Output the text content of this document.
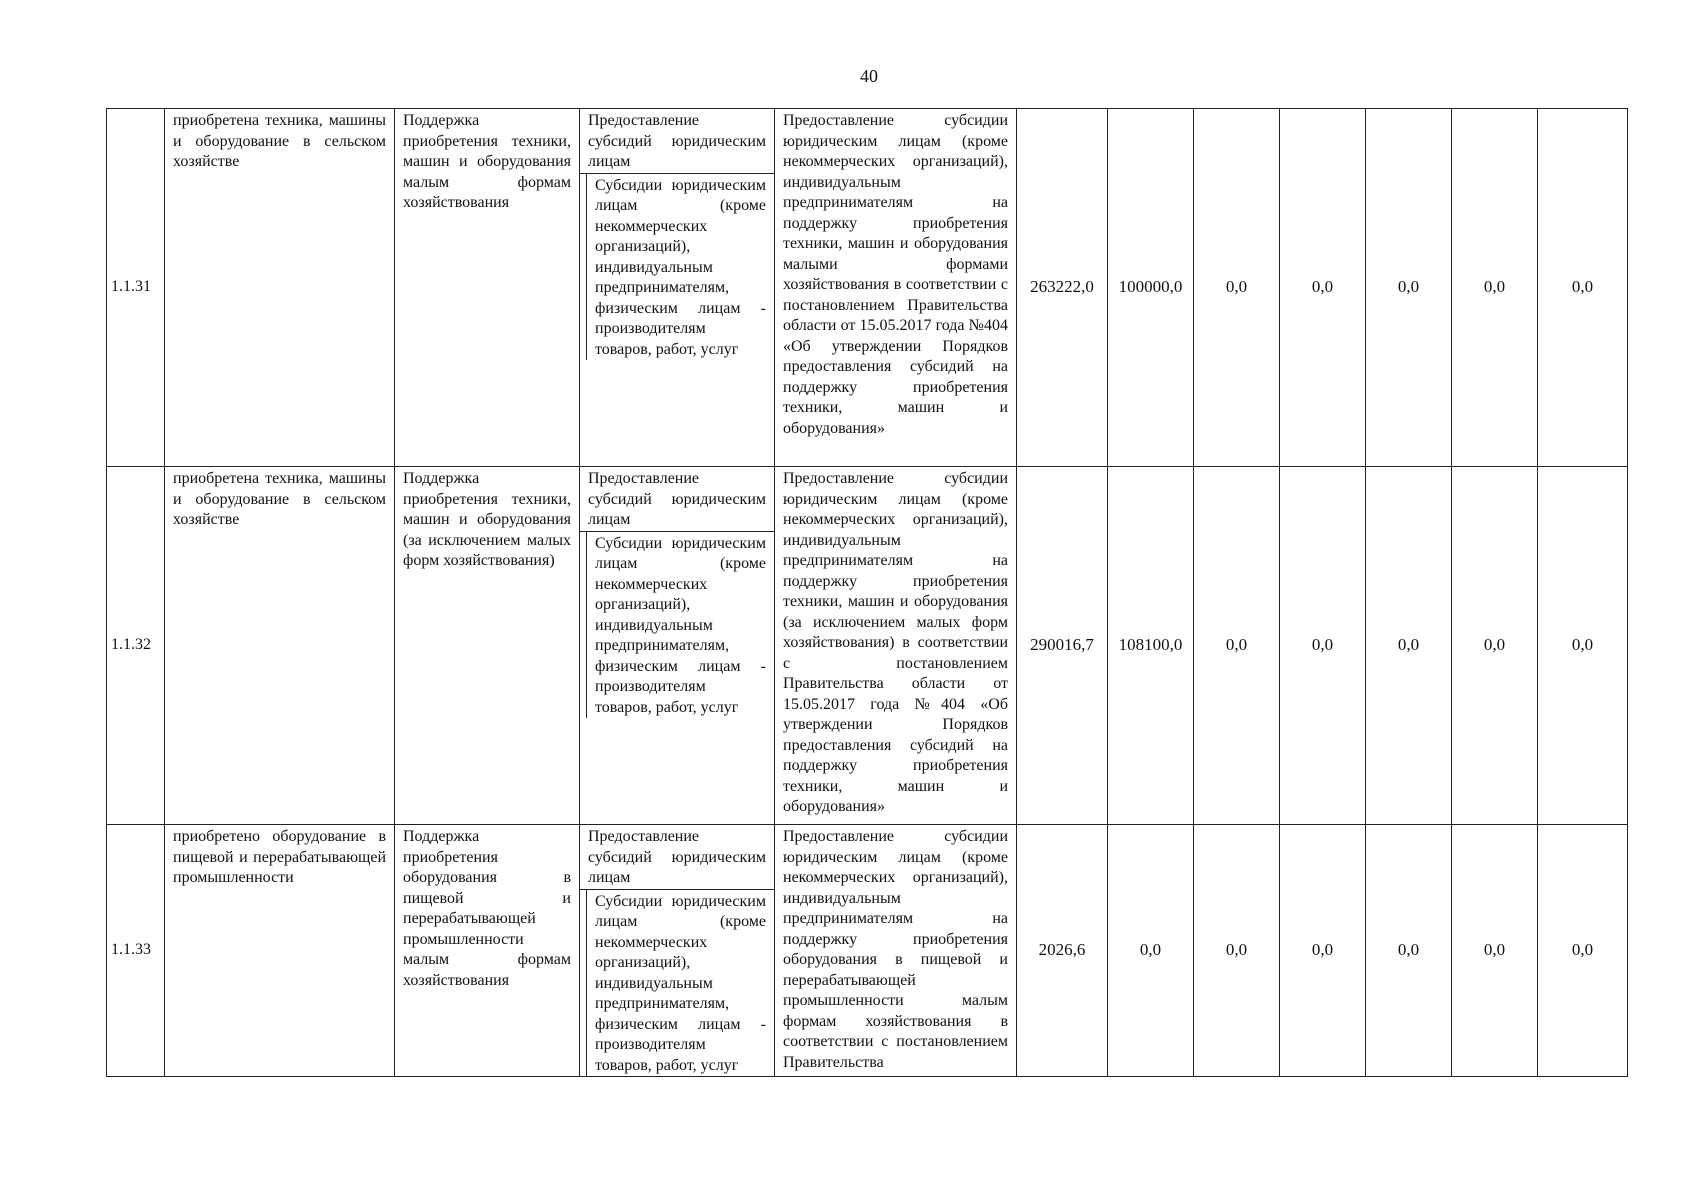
40
1.1.31	приобретена техника, машины и оборудование в сельском хозяйстве	Поддержка приобретения техники, машин и оборудования малым формам хозяйствования	Предоставление субсидий юридическим лицам
Субсидии юридическим лицам (кроме некоммерческих организаций), индивидуальным предпринимателям, физическим лицам - производителям товаров, работ, услуг	Предоставление субсидии юридическим лицам (кроме некоммерческих организаций), индивидуальным предпринимателям на поддержку приобретения техники, машин и оборудования малыми формами хозяйствования в соответствии с постановлением Правительства области от 15.05.2017 года №404 «Об утверждении Порядков предоставления субсидий на поддержку приобретения техники, машин и оборудования»	263222,0	100000,0	0,0	0,0	0,0	0,0	0,0
1.1.32	приобретена техника, машины и оборудование в сельском хозяйстве	Поддержка приобретения техники, машин и оборудования (за исключением малых форм хозяйствования)	Предоставление субсидий юридическим лицам
Субсидии юридическим лицам (кроме некоммерческих организаций), индивидуальным предпринимателям, физическим лицам - производителям товаров, работ, услуг	Предоставление субсидии юридическим лицам (кроме некоммерческих организаций), индивидуальным предпринимателям на поддержку приобретения техники, машин и оборудования (за исключением малых форм хозяйствования) в соответствии с постановлением Правительства области от 15.05.2017 года №404 «Об утверждении Порядков предоставления субсидий на поддержку приобретения техники, машин и оборудования»	290016,7	108100,0	0,0	0,0	0,0	0,0	0,0
1.1.33	приобретено оборудование в пищевой и перерабатывающей промышленности	Поддержка приобретения оборудования в пищевой и перерабатывающей промышленности малым формам хозяйствования	Предоставление субсидий юридическим лицам
Субсидии юридическим лицам (кроме некоммерческих организаций), индивидуальным предпринимателям, физическим лицам - производителям товаров, работ, услуг	Предоставление субсидии юридическим лицам (кроме некоммерческих организаций), индивидуальным предпринимателям на поддержку приобретения оборудования в пищевой и перерабатывающей промышленности малым формам хозяйствования в соответствии с постановлением Правительства	2026,6	0,0	0,0	0,0	0,0	0,0	0,0
